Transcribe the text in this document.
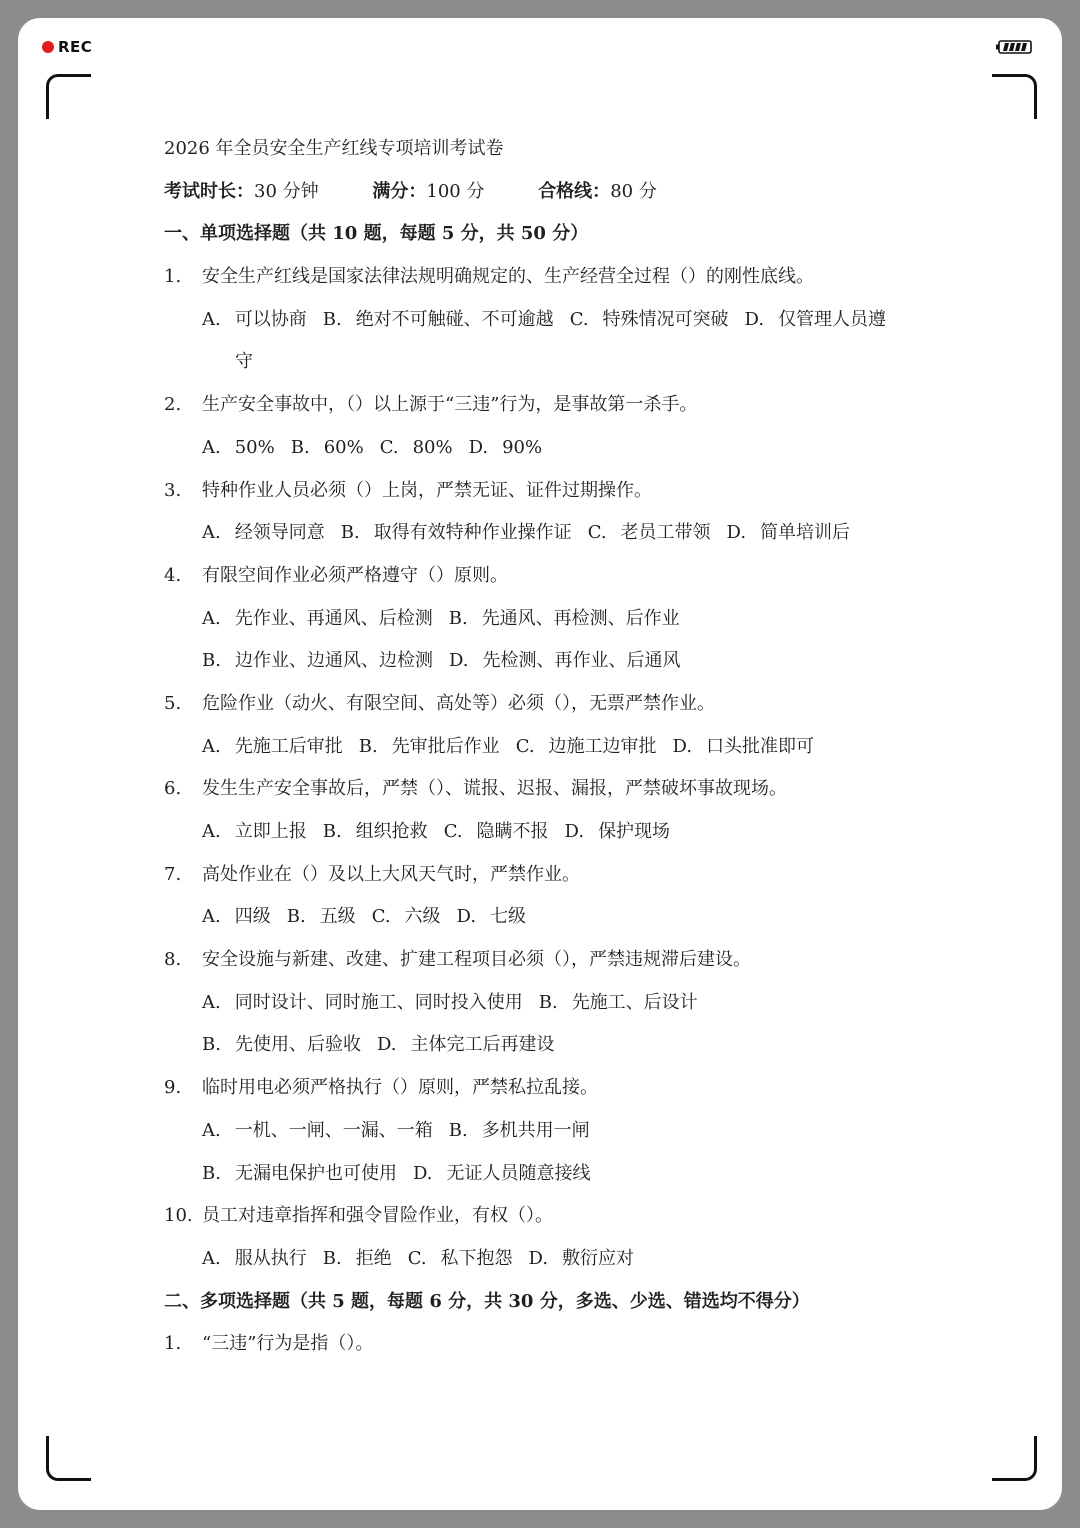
REC
2026 年全员安全生产红线专项培训考试卷
考试时长：30 分钟	满分：100 分	合格线：80 分
一、单项选择题（共 10 题，每题 5 分，共 50 分）
1.	安全生产红线是国家法律法规明确规定的、生产经营全过程（）的刚性底线。
A. 可以协商 B. 绝对不可触碰、不可逾越 C. 特殊情况可突破 D. 仅管理人员遵
守
2.	生产安全事故中，（）以上源于“三违”行为，是事故第一杀手。
A. 50% B. 60% C. 80% D. 90%
3.	特种作业人员必须（）上岗，严禁无证、证件过期操作。
A. 经领导同意 B. 取得有效特种作业操作证 C. 老员工带领 D. 简单培训后
4.	有限空间作业必须严格遵守（）原则。
A. 先作业、再通风、后检测 B. 先通风、再检测、后作业
B. 边作业、边通风、边检测 D. 先检测、再作业、后通风
5.	危险作业（动火、有限空间、高处等）必须（），无票严禁作业。
A. 先施工后审批 B. 先审批后作业 C. 边施工边审批 D. 口头批准即可
6.	发生生产安全事故后，严禁（）、谎报、迟报、漏报，严禁破坏事故现场。
A. 立即上报 B. 组织抢救 C. 隐瞒不报 D. 保护现场
7.	高处作业在（）及以上大风天气时，严禁作业。
A. 四级 B. 五级 C. 六级 D. 七级
8.	安全设施与新建、改建、扩建工程项目必须（），严禁违规滞后建设。
A. 同时设计、同时施工、同时投入使用 B. 先施工、后设计
B. 先使用、后验收 D. 主体完工后再建设
9.	临时用电必须严格执行（）原则，严禁私拉乱接。
A. 一机、一闸、一漏、一箱 B. 多机共用一闸
B. 无漏电保护也可使用 D. 无证人员随意接线
10. 员工对违章指挥和强令冒险作业，有权（）。
A. 服从执行 B. 拒绝 C. 私下抱怨 D. 敷衍应对
二、多项选择题（共 5 题，每题 6 分，共 30 分，多选、少选、错选均不得分）
1.	“三违”行为是指（）。
